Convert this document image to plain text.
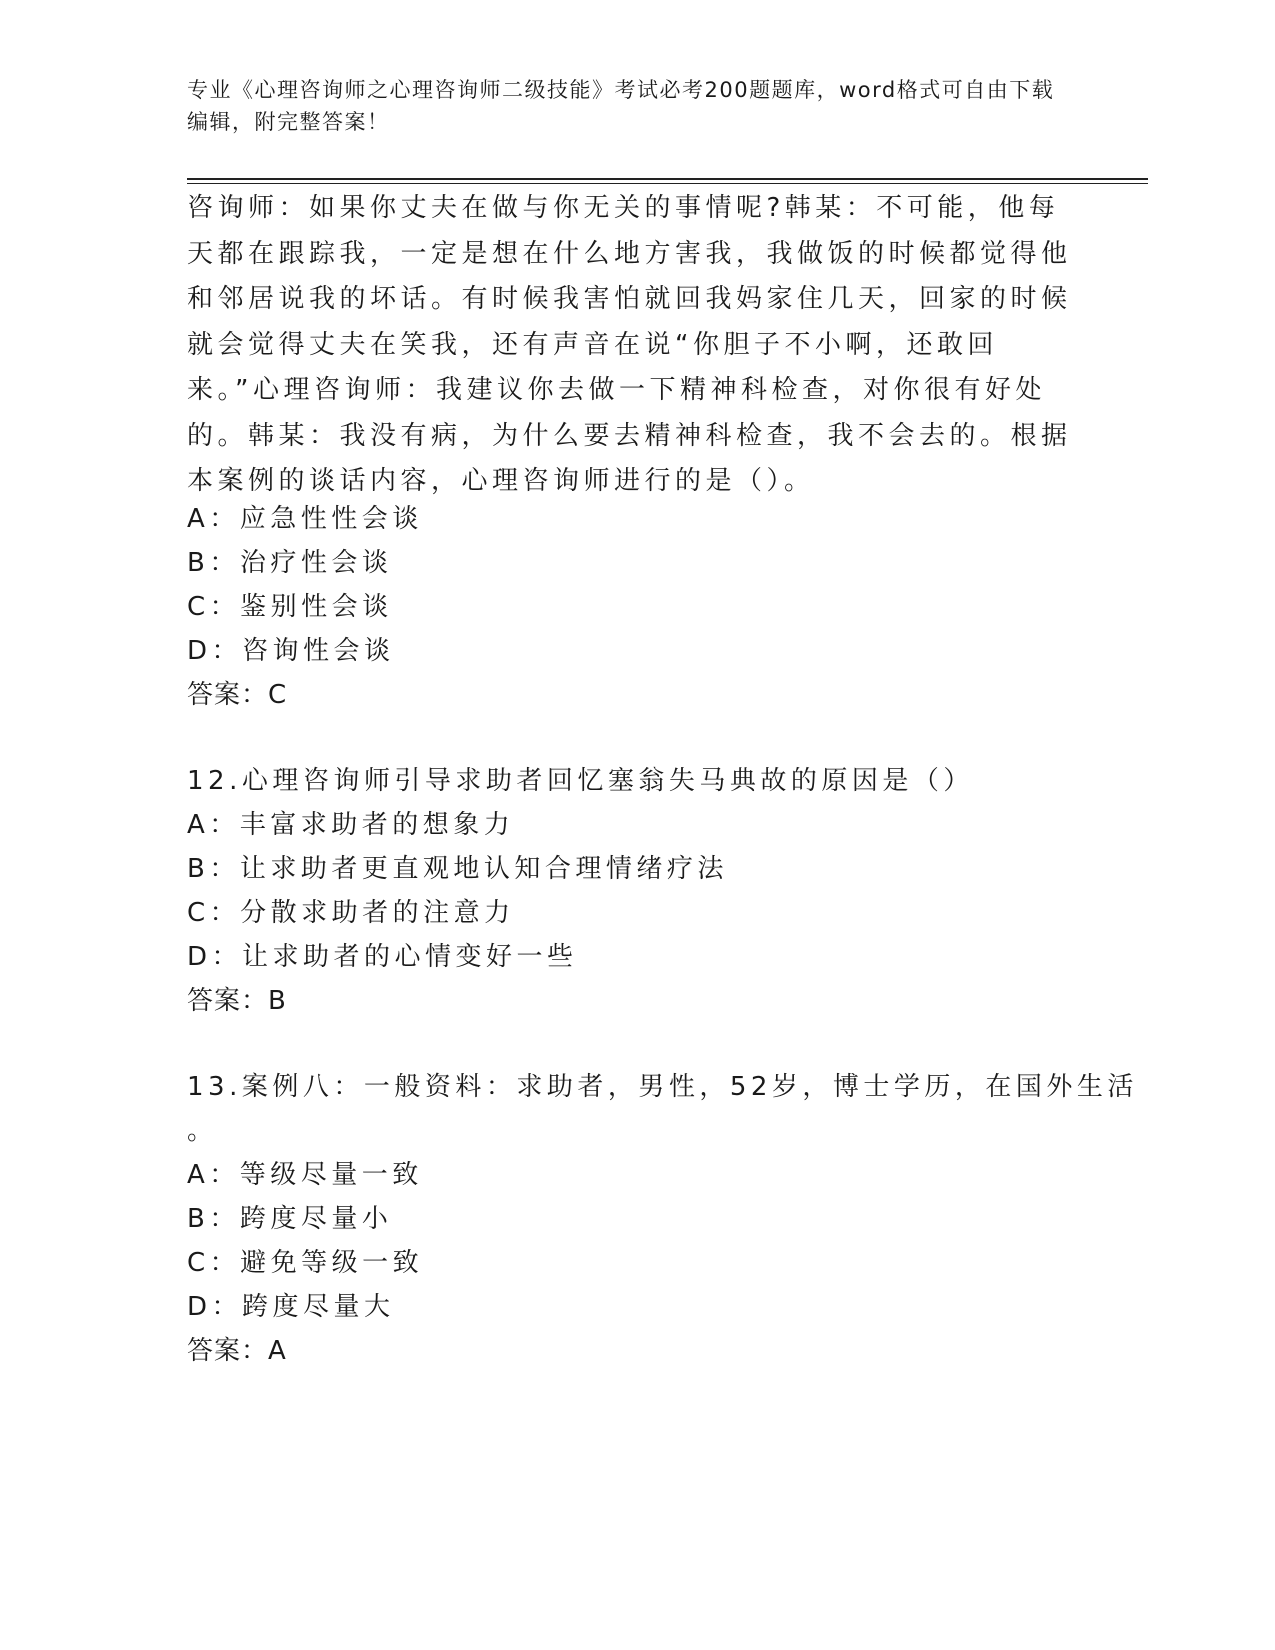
专业《心理咨询师之心理咨询师二级技能》考试必考200题题库，word格式可自由下载编辑，附完整答案！

咨询师：如果你丈夫在做与你无关的事情呢?韩某：不可能，他每天都在跟踪我，一定是想在什么地方害我，我做饭的时候都觉得他和邻居说我的坏话。有时候我害怕就回我妈家住几天，回家的时候就会觉得丈夫在笑我，还有声音在说“你胆子不小啊，还敢回来。”心理咨询师：我建议你去做一下精神科检查，对你很有好处的。韩某：我没有病，为什么要去精神科检查，我不会去的。根据本案例的谈话内容，心理咨询师进行的是（）。

A：应急性性会谈
B：治疗性会谈
C：鉴别性会谈
D：咨询性会谈
答案：C
12.心理咨询师引导求助者回忆塞翁失马典故的原因是（）
A：丰富求助者的想象力
B：让求助者更直观地认知合理情绪疗法
C：分散求助者的注意力
D：让求助者的心情变好一些
答案：B
13.案例八：一般资料：求助者，男性，52岁，博士学历，在国外生活
。
A：等级尽量一致
B：跨度尽量小
C：避免等级一致
D：跨度尽量大
答案：A
